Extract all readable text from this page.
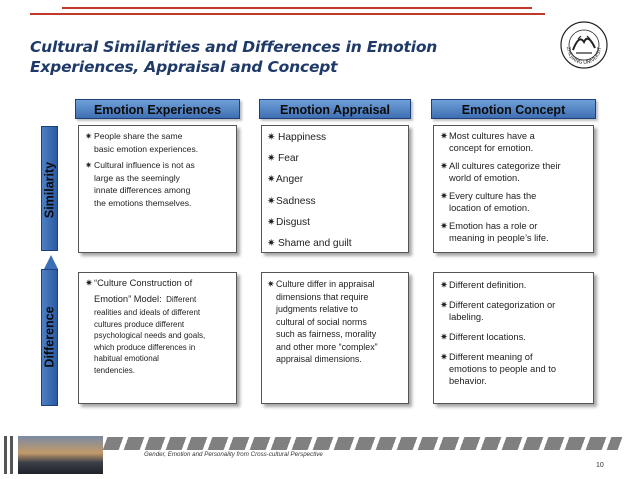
Cultural Similarities and Differences in Emotion
Experiences, Appraisal and Concept
ZHEJIANG UNIVERSIT
Emotion Experiences	Emotion Appraisal	Emotion Concept
Similarity
Difference
✷ People share the same
basic emotion experiences.
✷ Cultural influence is not as
large as the seemingly
innate differences among
the emotions themselves.
✷ Happiness
✷ Fear
✷ Anger
✷ Sadness
✷ Disgust
✷ Shame and guilt
✷ Most cultures have a
concept for emotion.
✷ All cultures categorize their
world of emotion.
✷ Every culture has the
location of emotion.
✷ Emotion has a role or
meaning in people’s life.
✷ “Culture Construction of
Emotion” Model: Different
realities and ideals of different
cultures produce different
psychological needs and goals,
which produce differences in
habitual emotional
tendencies.
✷ Culture differ in appraisal
dimensions that require
judgments relative to
cultural of social norms
such as fairness, morality
and other more “complex”
appraisal dimensions.
✷ Different definition.
✷ Different categorization or
labeling.
✷ Different locations.
✷ Different meaning of
emotions to people and to
behavior.
Gender, Emotion and Personality from Cross-cultural Perspective
10
